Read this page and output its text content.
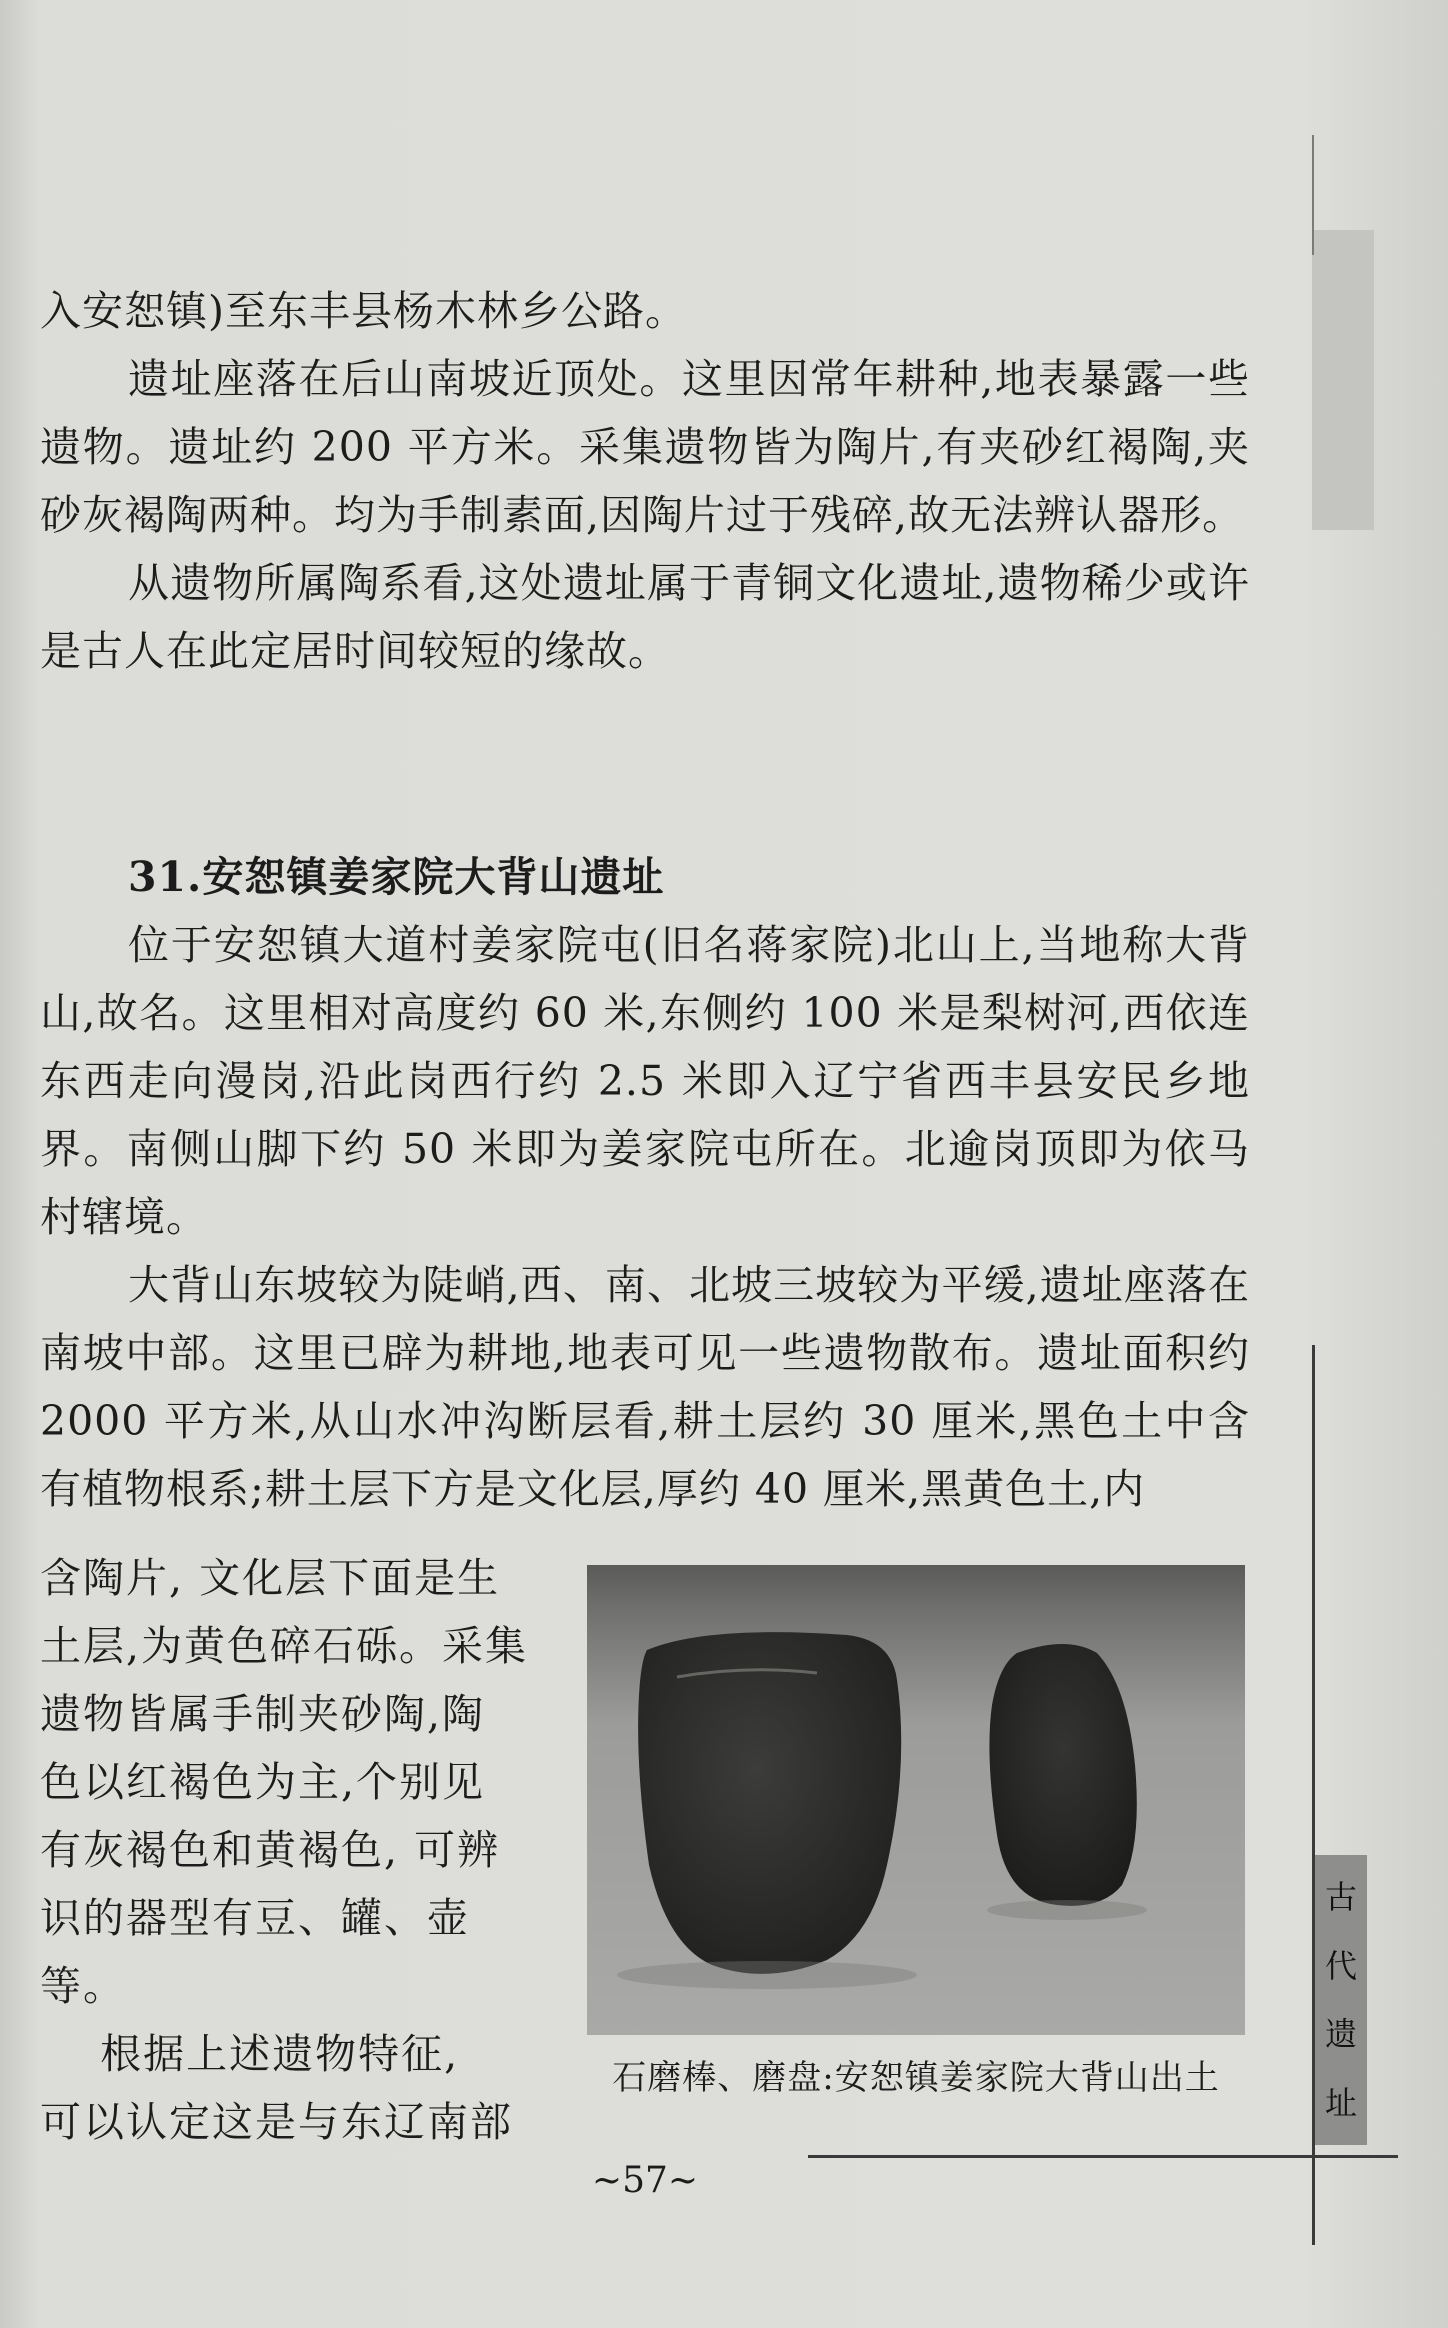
入安恕镇)至东丰县杨木林乡公路。

遗址座落在后山南坡近顶处。这里因常年耕种,地表暴露一些遗物。遗址约 200 平方米。采集遗物皆为陶片,有夹砂红褐陶,夹砂灰褐陶两种。均为手制素面,因陶片过于残碎,故无法辨认器形。

从遗物所属陶系看,这处遗址属于青铜文化遗址,遗物稀少或许是古人在此定居时间较短的缘故。

31.安恕镇姜家院大背山遗址

位于安恕镇大道村姜家院屯(旧名蒋家院)北山上,当地称大背山,故名。这里相对高度约 60 米,东侧约 100 米是梨树河,西依连东西走向漫岗,沿此岗西行约 2.5 米即入辽宁省西丰县安民乡地界。南侧山脚下约 50 米即为姜家院屯所在。北逾岗顶即为依马村辖境。

大背山东坡较为陡峭,西、南、北坡三坡较为平缓,遗址座落在南坡中部。这里已辟为耕地,地表可见一些遗物散布。遗址面积约 2000 平方米,从山水冲沟断层看,耕土层约 30 厘米,黑色土中含有植物根系;耕土层下方是文化层,厚约 40 厘米,黑黄色土,内

含陶片, 文化层下面是生
土层,为黄色碎石砾。采集
遗物皆属手制夹砂陶,陶
色以红褐色为主,个别见
有灰褐色和黄褐色, 可辨
识的器型有豆、罐、壶等。
根据上述遗物特征,
可以认定这是与东辽南部
石磨棒、磨盘:安恕镇姜家院大背山出土
~57~
古
代
遗
址
